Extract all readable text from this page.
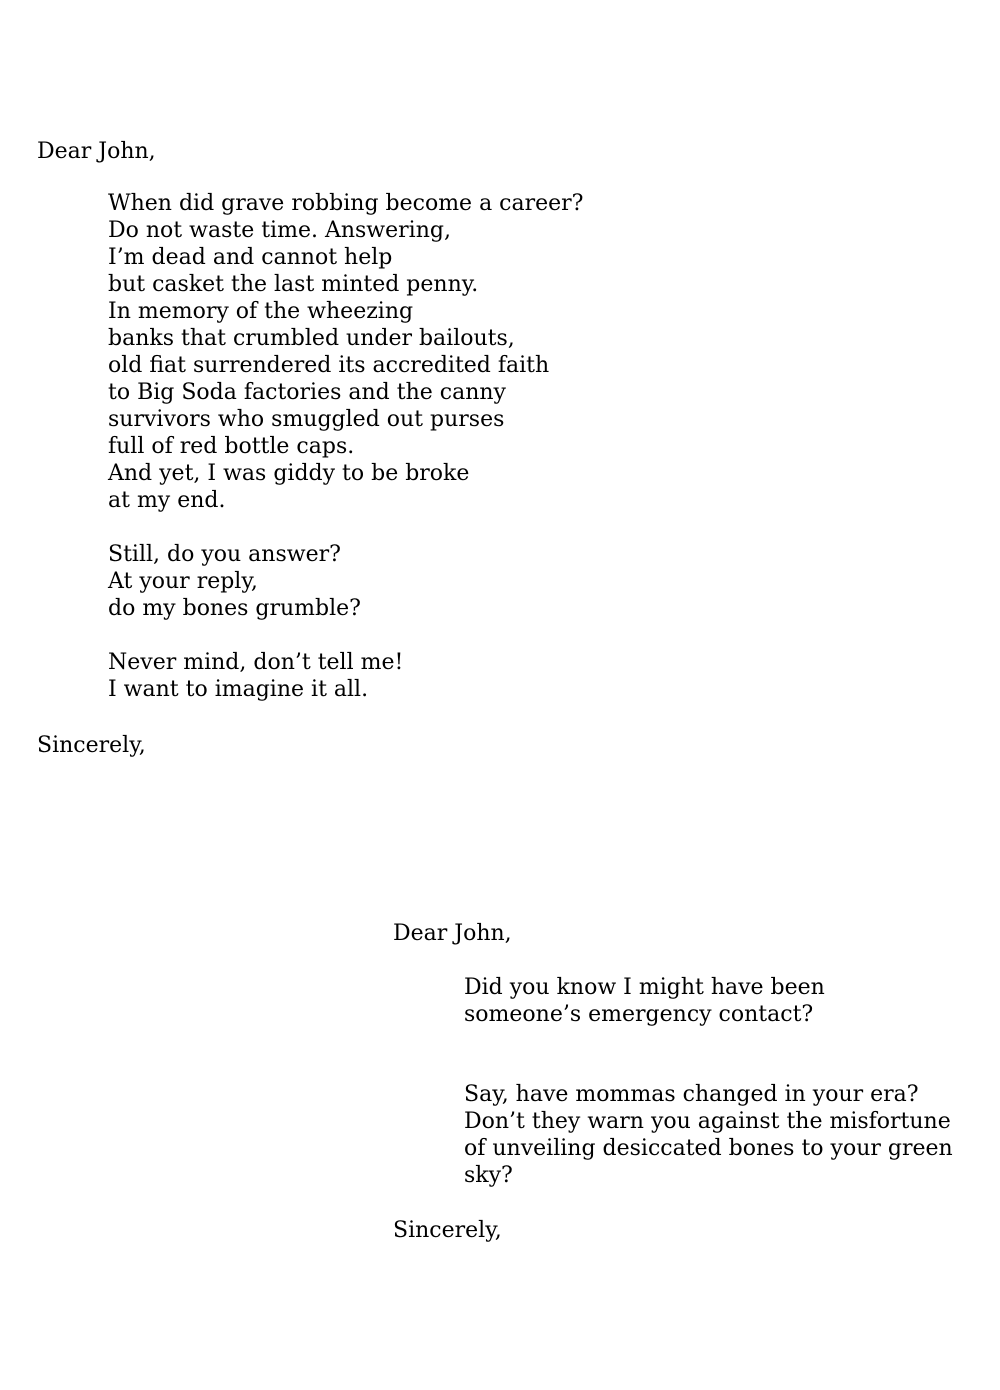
Dear John,

When did grave robbing become a career?
Do not waste time. Answering,
I’m dead and cannot help
but casket the last minted penny.
In memory of the wheezing
banks that crumbled under bailouts,
old fiat surrendered its accredited faith
to Big Soda factories and the canny
survivors who smuggled out purses
full of red bottle caps.
And yet, I was giddy to be broke
at my end.
Still, do you answer?
At your reply,
do my bones grumble?
Never mind, don’t tell me!
I want to imagine it all.

Sincerely,

Dear John,

Did you know I might have been
someone’s emergency contact?
Say, have mommas changed in your era?
Don’t they warn you against the misfortune
of unveiling desiccated bones to your green
sky?

Sincerely,
